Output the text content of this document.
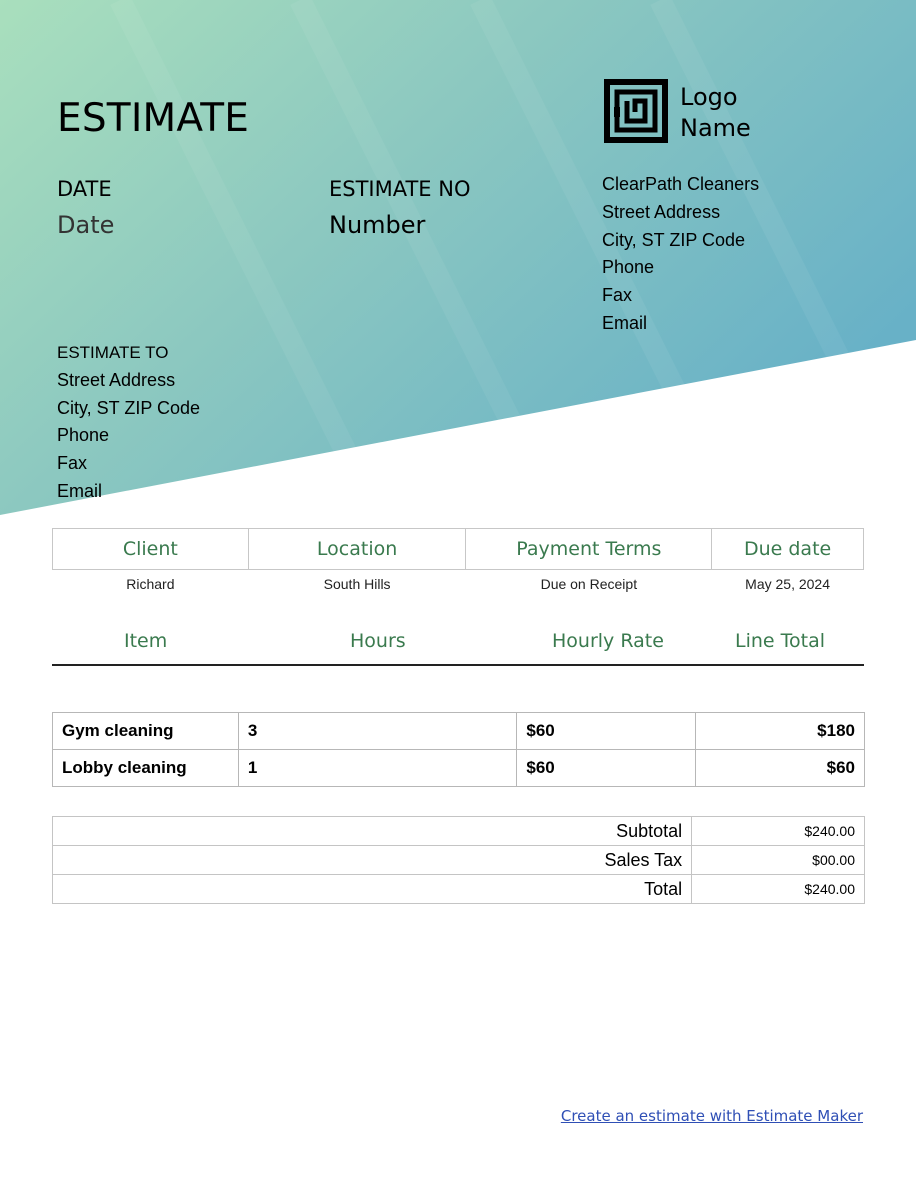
ESTIMATE
DATE
Date
ESTIMATE NO
Number
Logo
Name
ClearPath Cleaners
Street Address
City, ST ZIP Code
Phone
Fax
Email
ESTIMATE TO
Street Address
City, ST ZIP Code
Phone
Fax
Email
Client	Location	Payment Terms	Due date
Richard	South Hills	Due on Receipt	May 25, 2024
Item	Hours	Hourly Rate	Line Total
Gym cleaning	3	$60	$180
Lobby cleaning	1	$60	$60
Subtotal	$240.00
Sales Tax	$00.00
Total	$240.00
Create an estimate with Estimate Maker
